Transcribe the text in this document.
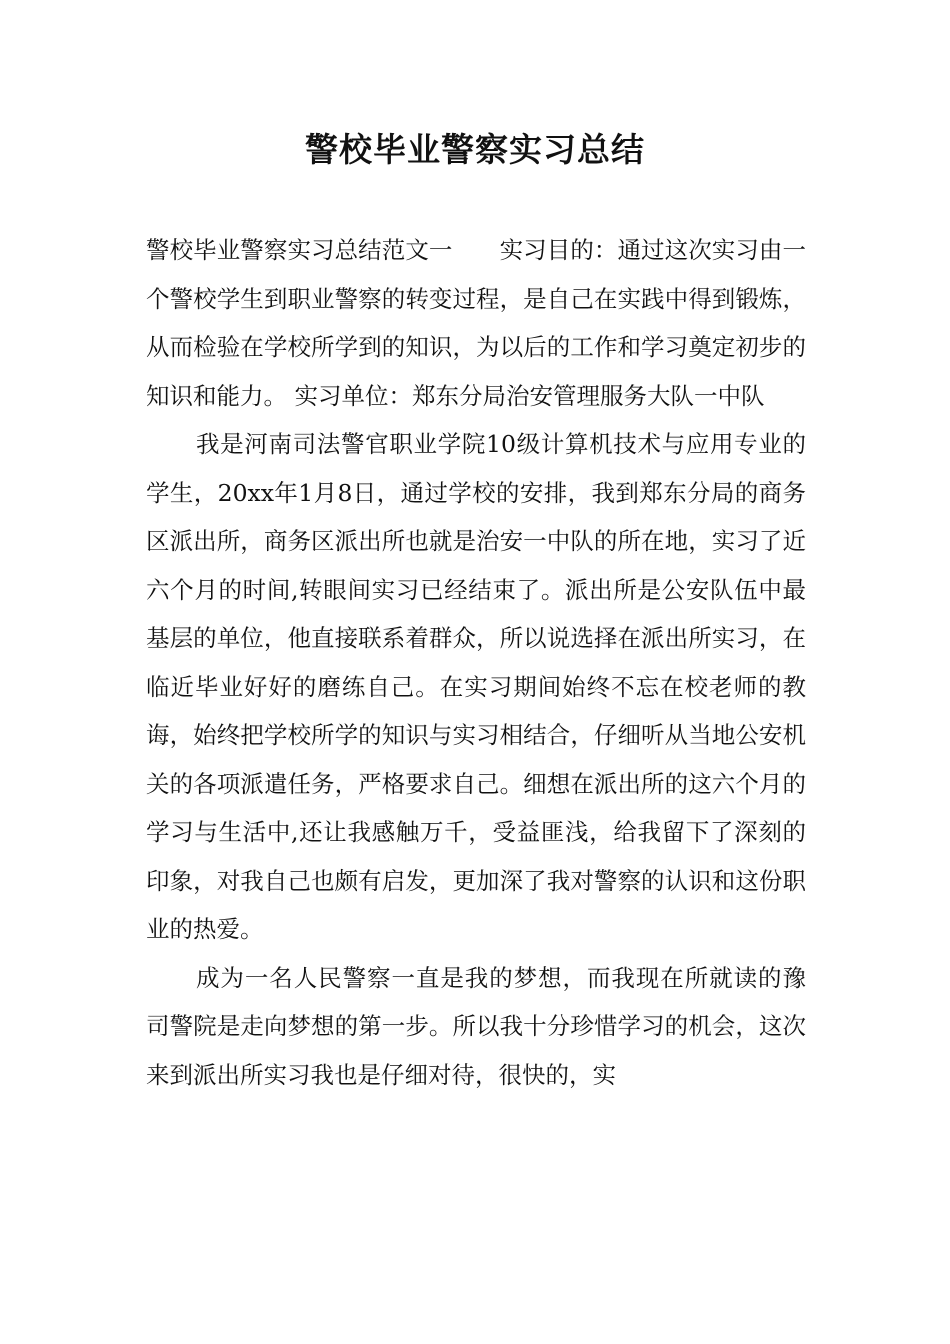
警校毕业警察实习总结

警校毕业警察实习总结范文一　　实习目的：通过这次实习由一个警校学生到职业警察的转变过程，是自己在实践中得到锻炼，从而检验在学校所学到的知识，为以后的工作和学习奠定初步的知识和能力。 实习单位：郑东分局治安管理服务大队一中队

我是河南司法警官职业学院10级计算机技术与应用专业的学生，20xx年1月8日，通过学校的安排，我到郑东分局的商务区派出所，商务区派出所也就是治安一中队的所在地，实习了近六个月的时间,转眼间实习已经结束了。派出所是公安队伍中最基层的单位，他直接联系着群众，所以说选择在派出所实习，在临近毕业好好的磨练自己。在实习期间始终不忘在校老师的教诲，始终把学校所学的知识与实习相结合，仔细听从当地公安机关的各项派遣任务，严格要求自己。细想在派出所的这六个月的学习与生活中,还让我感触万千，受益匪浅，给我留下了深刻的印象，对我自己也颇有启发，更加深了我对警察的认识和这份职业的热爱。

成为一名人民警察一直是我的梦想，而我现在所就读的豫司警院是走向梦想的第一步。所以我十分珍惜学习的机会，这次来到派出所实习我也是仔细对待，很快的，实
